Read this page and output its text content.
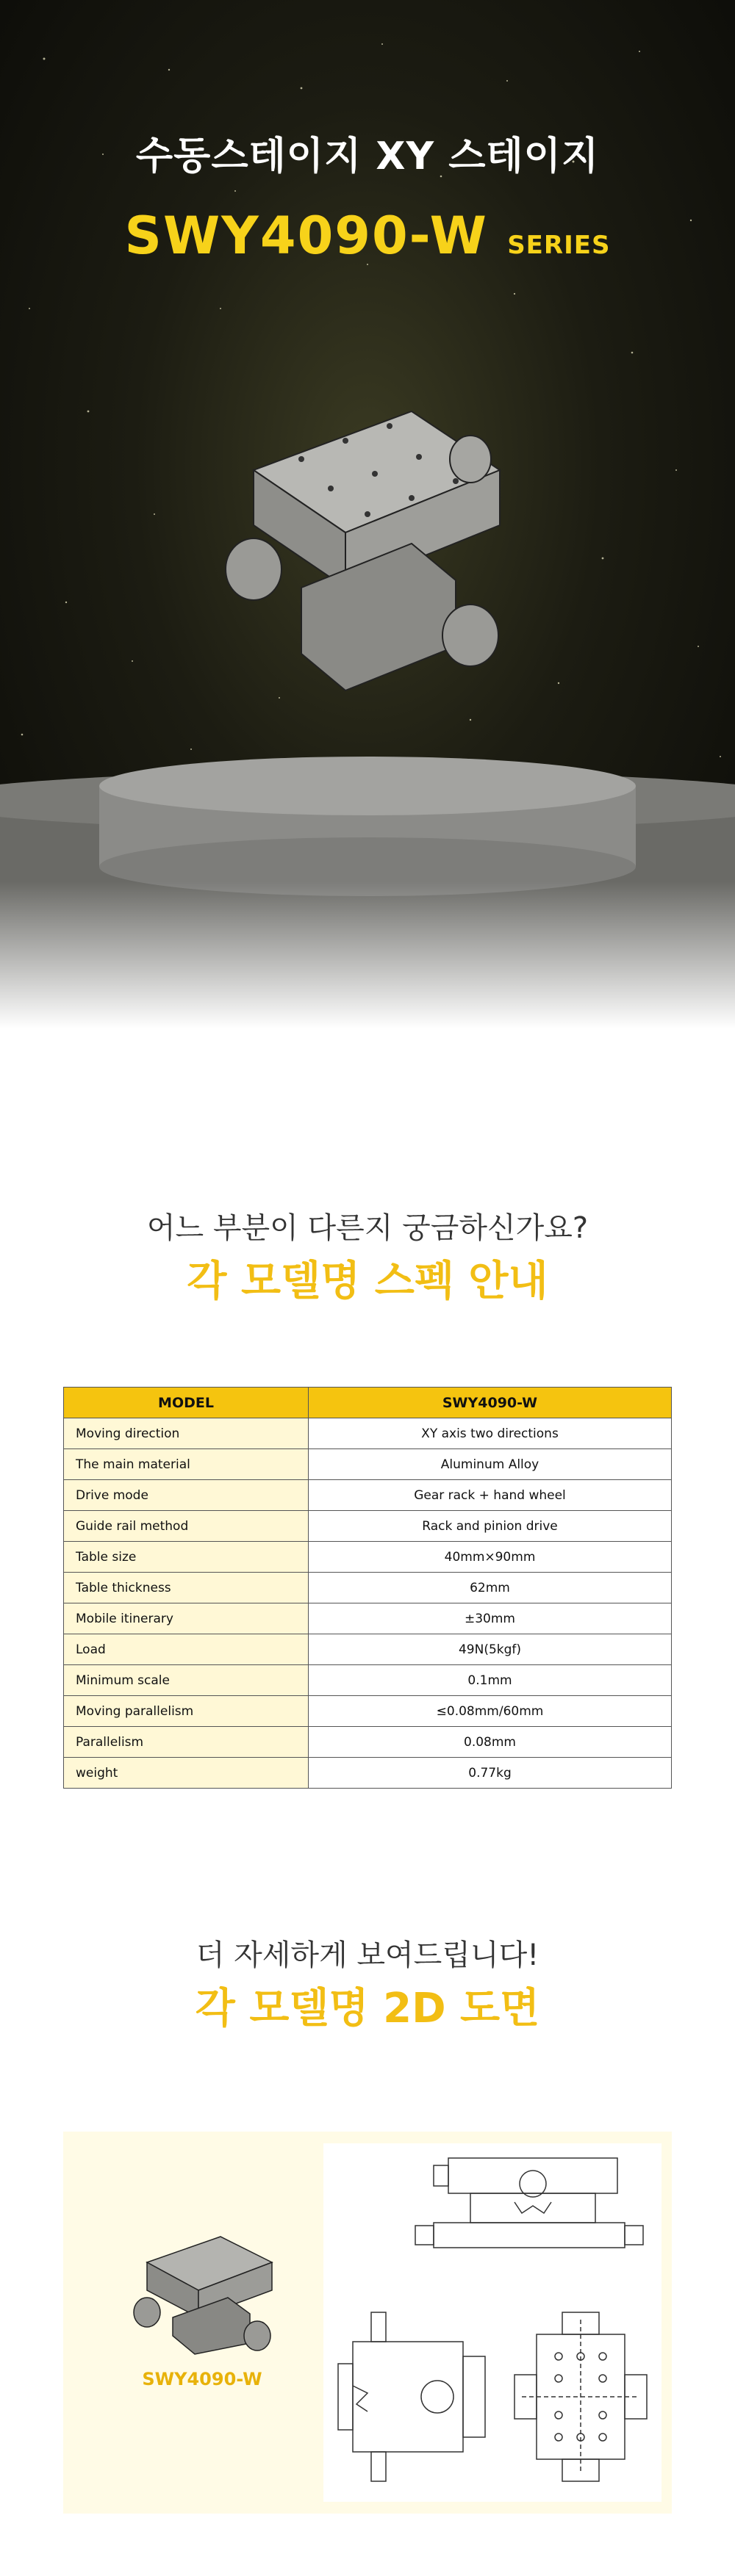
수동스테이지 XY 스테이지
SWY4090-W SERIES
어느 부분이 다른지 궁금하신가요?
각 모델명 스펙 안내
MODEL	SWY4090-W
Moving direction	XY axis two directions
The main material	Aluminum Alloy
Drive mode	Gear rack + hand wheel
Guide rail method	Rack and pinion drive
Table size	40mm×90mm
Table thickness	62mm
Mobile itinerary	±30mm
Load	49N(5kgf)
Minimum scale	0.1mm
Moving parallelism	≤0.08mm/60mm
Parallelism	0.08mm
weight	0.77kg
더 자세하게 보여드립니다!
각 모델명 2D 도면
SWY4090-W
